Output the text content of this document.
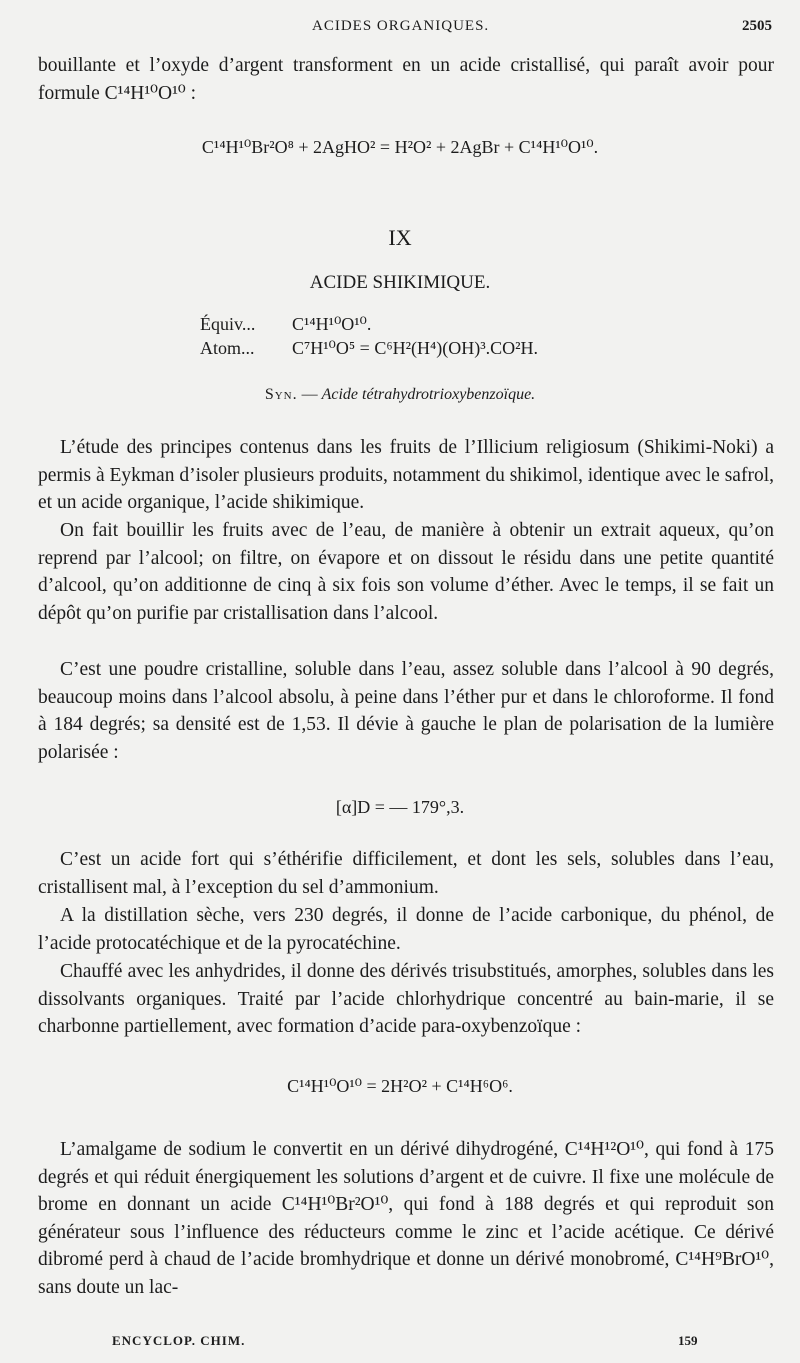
ACIDES ORGANIQUES.	2505

bouillante et l’oxyde d’argent transforment en un acide cristallisé, qui paraît avoir pour formule C¹⁴H¹⁰O¹⁰ :

C¹⁴H¹⁰Br²O⁸ + 2AgHO² = H²O² + 2AgBr + C¹⁴H¹⁰O¹⁰.
IX
ACIDE SHIKIMIQUE.
Équiv... C¹⁴H¹⁰O¹⁰.
Atom... C⁷H¹⁰O⁵ = C⁶H²(H⁴)(OH)³.CO²H.
Syn. — Acide tétrahydrotrioxybenzoïque.

L’étude des principes contenus dans les fruits de l’Illicium religiosum (Shikimi-Noki) a permis à Eykman d’isoler plusieurs produits, notamment du shikimol, identique avec le safrol, et un acide organique, l’acide shikimique.

On fait bouillir les fruits avec de l’eau, de manière à obtenir un extrait aqueux, qu’on reprend par l’alcool; on filtre, on évapore et on dissout le résidu dans une petite quantité d’alcool, qu’on additionne de cinq à six fois son volume d’éther. Avec le temps, il se fait un dépôt qu’on purifie par cristallisation dans l’alcool.

C’est une poudre cristalline, soluble dans l’eau, assez soluble dans l’alcool à 90 degrés, beaucoup moins dans l’alcool absolu, à peine dans l’éther pur et dans le chloroforme. Il fond à 184 degrés; sa densité est de 1,53. Il dévie à gauche le plan de polarisation de la lumière polarisée :

[α]D = — 179°,3.

C’est un acide fort qui s’éthérifie difficilement, et dont les sels, solubles dans l’eau, cristallisent mal, à l’exception du sel d’ammonium.

A la distillation sèche, vers 230 degrés, il donne de l’acide carbonique, du phénol, de l’acide protocatéchique et de la pyrocatéchine.

Chauffé avec les anhydrides, il donne des dérivés trisubstitués, amorphes, solubles dans les dissolvants organiques. Traité par l’acide chlorhydrique concentré au bain-marie, il se charbonne partiellement, avec formation d’acide para-oxybenzoïque :

C¹⁴H¹⁰O¹⁰ = 2H²O² + C¹⁴H⁶O⁶.

L’amalgame de sodium le convertit en un dérivé dihydrogéné, C¹⁴H¹²O¹⁰, qui fond à 175 degrés et qui réduit énergiquement les solutions d’argent et de cuivre. Il fixe une molécule de brome en donnant un acide C¹⁴H¹⁰Br²O¹⁰, qui fond à 188 degrés et qui reproduit son générateur sous l’influence des réducteurs comme le zinc et l’acide acétique. Ce dérivé dibromé perd à chaud de l’acide bromhydrique et donne un dérivé monobromé, C¹⁴H⁹BrO¹⁰, sans doute un lac-

ENCYCLOP. CHIM.	159
